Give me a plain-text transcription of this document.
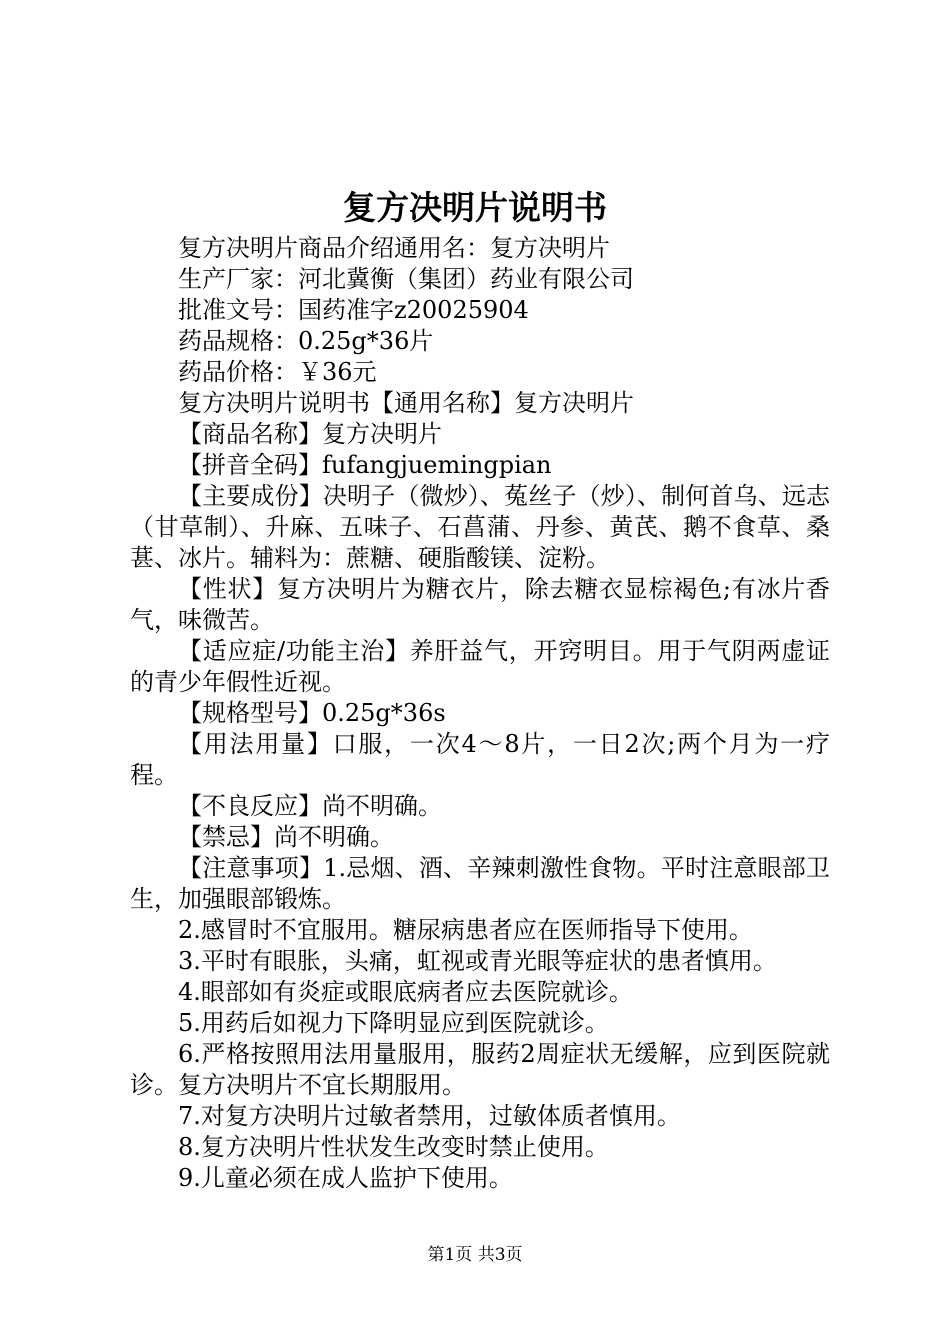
复方决明片说明书

复方决明片商品介绍通用名：复方决明片

生产厂家：河北冀衡（集团）药业有限公司

批准文号：国药准字z20025904

药品规格：0.25g*36片

药品价格：￥36元

复方决明片说明书【通用名称】复方决明片

【商品名称】复方决明片

【拼音全码】fufangjuemingpian

【主要成份】决明子（微炒）、菟丝子（炒）、制何首乌、远志（甘草制）、升麻、五味子、石菖蒲、丹参、黄芪、鹅不食草、桑葚、冰片。辅料为：蔗糖、硬脂酸镁、淀粉。

【性状】复方决明片为糖衣片，除去糖衣显棕褐色;有冰片香气，味微苦。

【适应症/功能主治】养肝益气，开窍明目。用于气阴两虚证的青少年假性近视。

【规格型号】0.25g*36s

【用法用量】口服，一次4～8片，一日2次;两个月为一疗程。

【不良反应】尚不明确。

【禁忌】尚不明确。

【注意事项】1.忌烟、酒、辛辣刺激性食物。平时注意眼部卫生，加强眼部锻炼。

2.感冒时不宜服用。糖尿病患者应在医师指导下使用。

3.平时有眼胀，头痛，虹视或青光眼等症状的患者慎用。

4.眼部如有炎症或眼底病者应去医院就诊。

5.用药后如视力下降明显应到医院就诊。

6.严格按照用法用量服用，服药2周症状无缓解，应到医院就诊。复方决明片不宜长期服用。

7.对复方决明片过敏者禁用，过敏体质者慎用。

8.复方决明片性状发生改变时禁止使用。

9.儿童必须在成人监护下使用。

第1页 共3页
